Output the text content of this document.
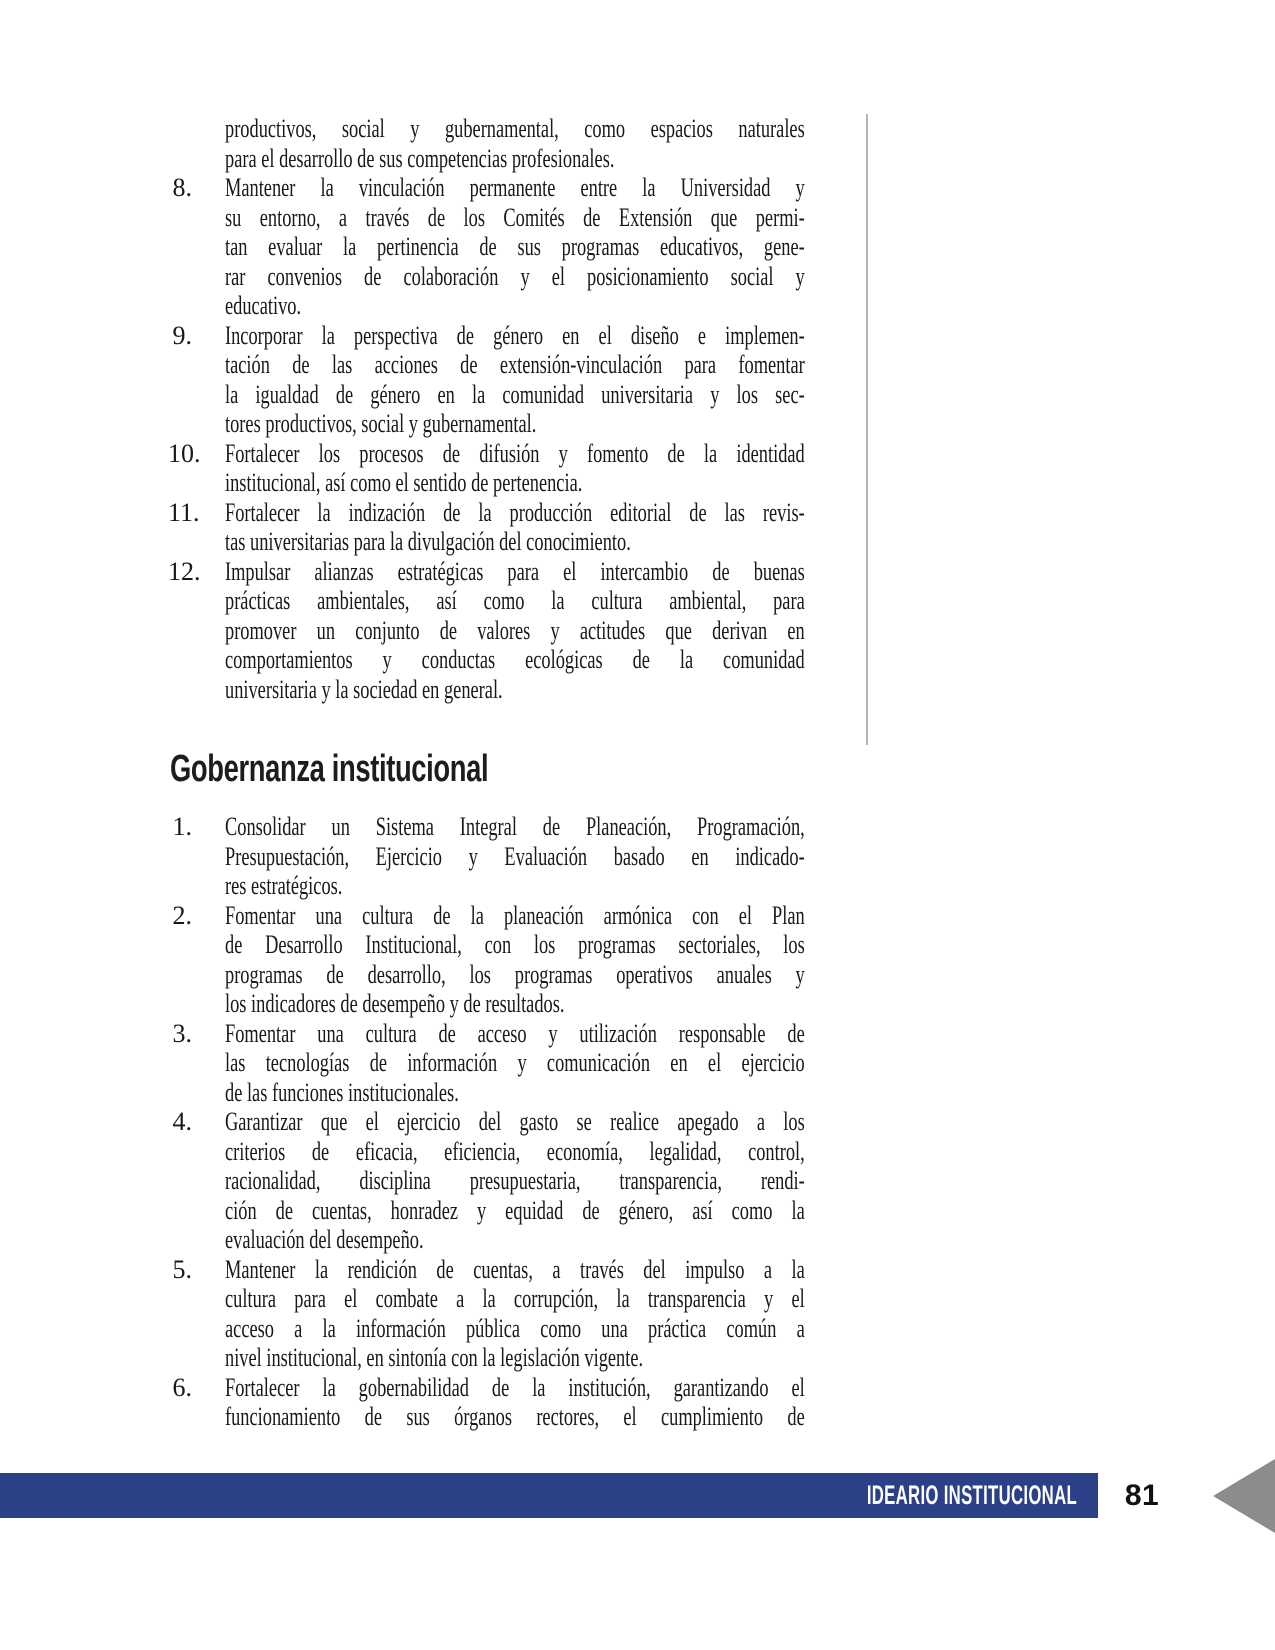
productivos, social y gubernamental, como espacios naturales
para el desarrollo de sus competencias profesionales.
8.	Mantener la vinculación permanente entre la Universidad y
su entorno, a través de los Comités de Extensión que permi-
tan evaluar la pertinencia de sus programas educativos, gene-
rar convenios de colaboración y el posicionamiento social y
educativo.
9.	Incorporar la perspectiva de género en el diseño e implemen-
tación de las acciones de extensión-vinculación para fomentar
la igualdad de género en la comunidad universitaria y los sec-
tores productivos, social y gubernamental.
10. Fortalecer los procesos de difusión y fomento de la identidad
institucional, así como el sentido de pertenencia.
11. Fortalecer la indización de la producción editorial de las revis-
tas universitarias para la divulgación del conocimiento.
12. Impulsar alianzas estratégicas para el intercambio de buenas
prácticas ambientales, así como la cultura ambiental, para
promover un conjunto de valores y actitudes que derivan en
comportamientos y conductas ecológicas de la comunidad
universitaria y la sociedad en general.
Gobernanza institucional
1.	Consolidar un Sistema Integral de Planeación, Programación,
Presupuestación, Ejercicio y Evaluación basado en indicado-
res estratégicos.
2.	Fomentar una cultura de la planeación armónica con el Plan
de Desarrollo Institucional, con los programas sectoriales, los
programas de desarrollo, los programas operativos anuales y
los indicadores de desempeño y de resultados.
3.	Fomentar una cultura de acceso y utilización responsable de
las tecnologías de información y comunicación en el ejercicio
de las funciones institucionales.
4.	Garantizar que el ejercicio del gasto se realice apegado a los
criterios de eficacia, eficiencia, economía, legalidad, control,
racionalidad, disciplina presupuestaria, transparencia, rendi-
ción de cuentas, honradez y equidad de género, así como la
evaluación del desempeño.
5.	Mantener la rendición de cuentas, a través del impulso a la
cultura para el combate a la corrupción, la transparencia y el
acceso a la información pública como una práctica común a
nivel institucional, en sintonía con la legislación vigente.
6.	Fortalecer la gobernabilidad de la institución, garantizando el
funcionamiento de sus órganos rectores, el cumplimiento de
IDEARIO INSTITUCIONAL 81
